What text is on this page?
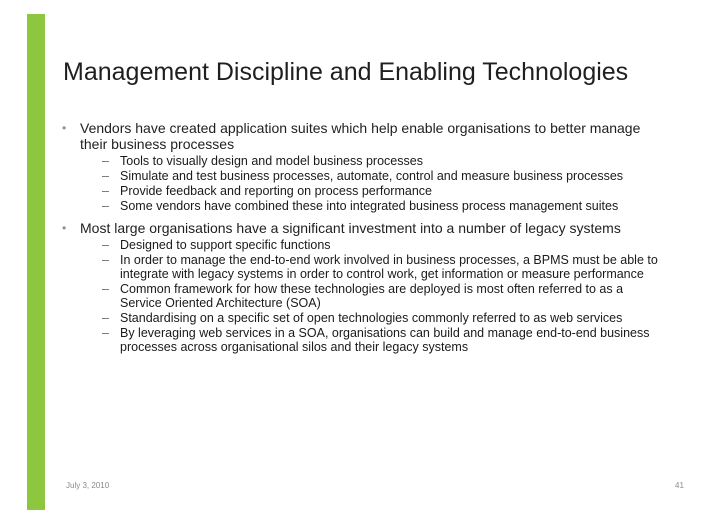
Management Discipline and Enabling Technologies
• Vendors have created application suites which help enable organisations to better manage their business processes
– Tools to visually design and model business processes
– Simulate and test business processes, automate, control and measure business processes
– Provide feedback and reporting on process performance
– Some vendors have combined these into integrated business process management suites
• Most large organisations have a significant investment into a number of legacy systems
– Designed to support specific functions
– In order to manage the end-to-end work involved in business processes, a BPMS must be able to integrate with legacy systems in order to control work, get information or measure performance
– Common framework for how these technologies are deployed is most often referred to as a Service Oriented Architecture (SOA)
– Standardising on a specific set of open technologies commonly referred to as web services
– By leveraging web services in a SOA, organisations can build and manage end-to-end business processes across organisational silos and their legacy systems
July 3, 2010	41
